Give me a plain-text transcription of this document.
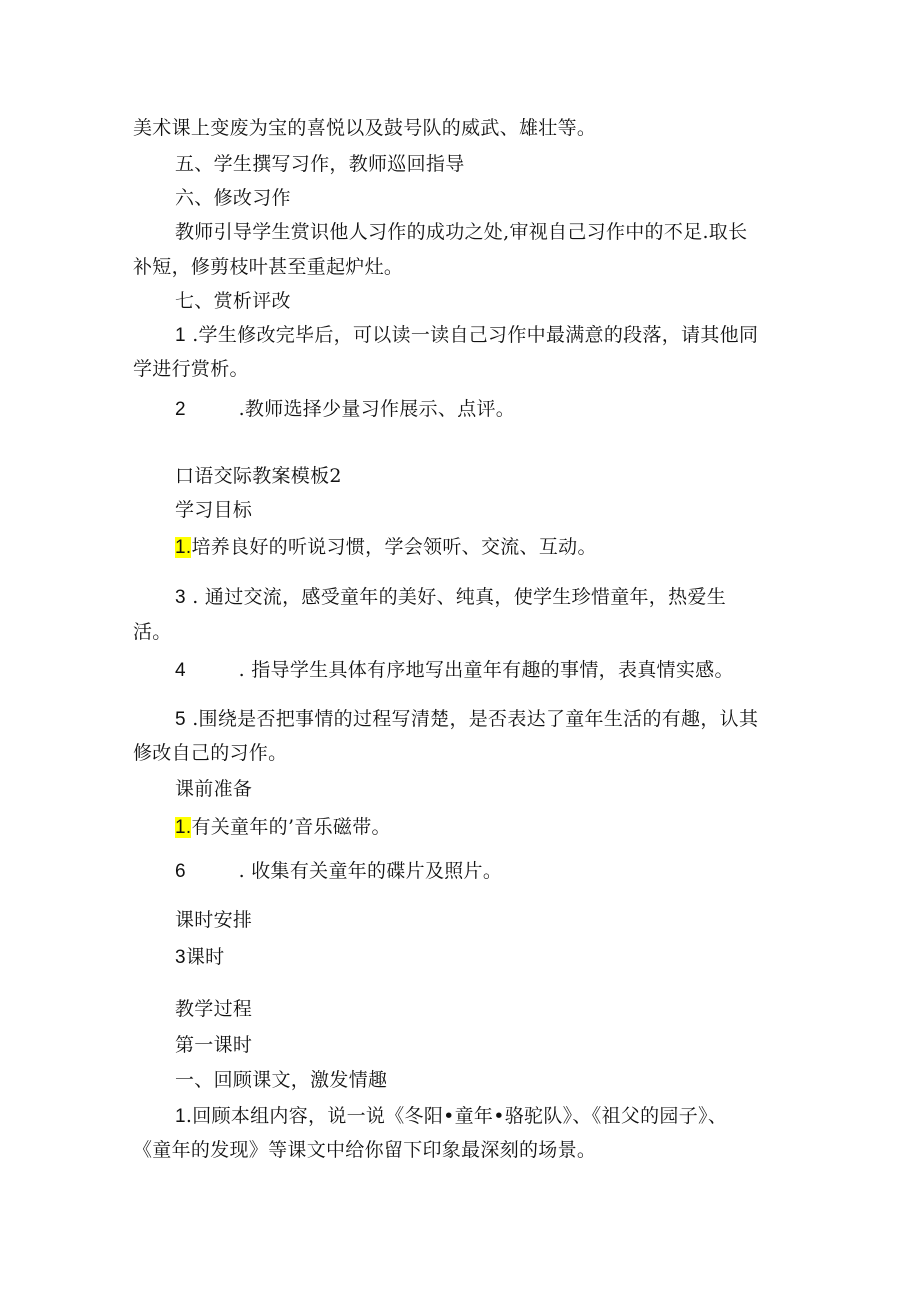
美术课上变废为宝的喜悦以及鼓号队的威武、雄壮等。
五、学生撰写习作，教师巡回指导
六、修改习作
教师引导学生赏识他人习作的成功之处,审视自己习作中的不足.取长
补短，修剪枝叶甚至重起炉灶。
七、赏析评改
1 .学生修改完毕后，可以读一读自己习作中最满意的段落，请其他同
学进行赏析。
2	.教师选择少量习作展示、点评。
口语交际教案模板2
学习目标
1.培养良好的听说习惯，学会领听、交流、互动。
3 . 通过交流，感受童年的美好、纯真，使学生珍惜童年，热爱生
活。
4	. 指导学生具体有序地写出童年有趣的事情，表真情实感。
5 .围绕是否把事情的过程写清楚，是否表达了童年生活的有趣，认其
修改自己的习作。
课前准备
1.有关童年的’音乐磁带。
6	. 收集有关童年的碟片及照片。
课时安排
3课时
教学过程
第一课时
一、回顾课文，激发情趣
1.回顾本组内容，说一说《冬阳•童年•骆驼队》、《祖父的园子》、
《童年的发现》等课文中给你留下印象最深刻的场景。
